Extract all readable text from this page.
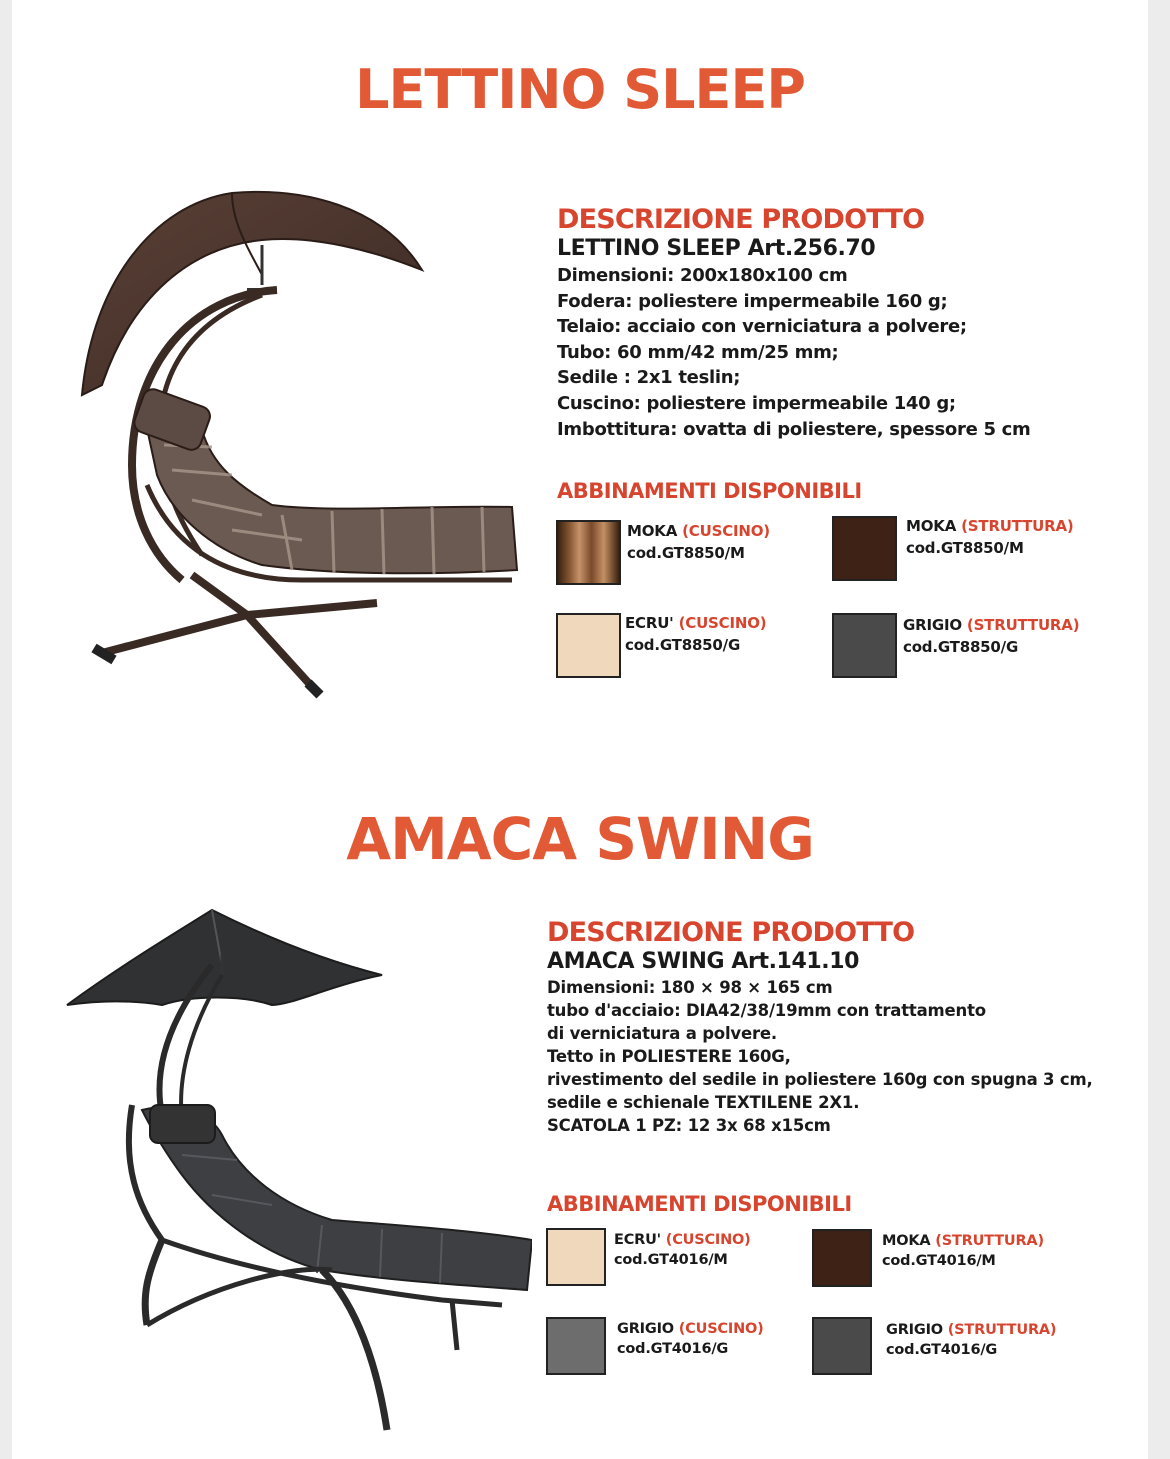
LETTINO SLEEP
DESCRIZIONE PRODOTTO
LETTINO SLEEP Art.256.70
Dimensioni: 200x180x100 cm
Fodera: poliestere impermeabile 160 g;
Telaio: acciaio con verniciatura a polvere;
Tubo: 60 mm/42 mm/25 mm;
Sedile : 2x1 teslin;
Cuscino: poliestere impermeabile 140 g;
Imbottitura: ovatta di poliestere, spessore 5 cm
ABBINAMENTI DISPONIBILI
MOKA (CUSCINO)
cod.GT8850/M
MOKA (STRUTTURA)
cod.GT8850/M
ECRU' (CUSCINO)
cod.GT8850/G
GRIGIO (STRUTTURA)
cod.GT8850/G
AMACA SWING
DESCRIZIONE PRODOTTO
AMACA SWING Art.141.10
Dimensioni: 180 × 98 × 165 cm
tubo d'acciaio: DIA42/38/19mm con trattamento
di verniciatura a polvere.
Tetto in POLIESTERE 160G,
rivestimento del sedile in poliestere 160g con spugna 3 cm,
sedile e schienale TEXTILENE 2X1.
SCATOLA 1 PZ: 12 3x 68 x15cm
ABBINAMENTI DISPONIBILI
ECRU' (CUSCINO)
cod.GT4016/M
MOKA (STRUTTURA)
cod.GT4016/M
GRIGIO (CUSCINO)
cod.GT4016/G
GRIGIO (STRUTTURA)
cod.GT4016/G
